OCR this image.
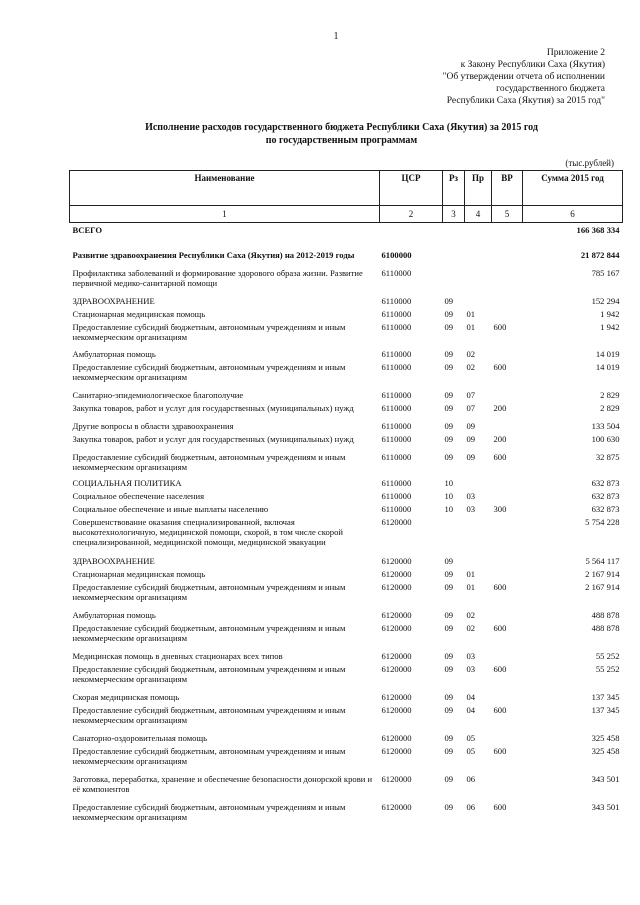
1
Приложение 2
к Закону Республики Саха (Якутия)
"Об утверждении отчета об исполнении
государственного бюджета
Республики Саха (Якутия) за 2015 год"
Исполнение расходов государственного бюджета Республики Саха (Якутия) за 2015 год
по государственным программам
(тыс.рублей)
Наименование	ЦСР	Рз	Пр	ВР	Сумма 2015 год
1	2	3	4	5	6
ВСЕГО					166 368 334
Развитие здравоохранения Республики Саха (Якутия) на 2012-2019 годы	6100000				21 872 844
Профилактика заболеваний и формирование здорового образа жизни. Развитие первичной медико-санитарной помощи	6110000				785 167
ЗДРАВООХРАНЕНИЕ	6110000	09			152 294
Стационарная медицинская помощь	6110000	09	01		1 942
Предоставление субсидий бюджетным, автономным учреждениям и иным некоммерческим организациям	6110000	09	01	600	1 942
Амбулаторная помощь	6110000	09	02		14 019
Предоставление субсидий бюджетным, автономным учреждениям и иным некоммерческим организациям	6110000	09	02	600	14 019
Санитарно-эпидемиологическое благополучие	6110000	09	07		2 829
Закупка товаров, работ и услуг для государственных (муниципальных) нужд	6110000	09	07	200	2 829
Другие вопросы в области здравоохранения	6110000	09	09		133 504
Закупка товаров, работ и услуг для государственных (муниципальных) нужд	6110000	09	09	200	100 630
Предоставление субсидий бюджетным, автономным учреждениям и иным некоммерческим организациям	6110000	09	09	600	32 875
СОЦИАЛЬНАЯ ПОЛИТИКА	6110000	10			632 873
Социальное обеспечение населения	6110000	10	03		632 873
Социальное обеспечение и иные выплаты населению	6110000	10	03	300	632 873
Совершенствование оказания специализированной, включая высокотехнологичную, медицинской помощи, скорой, в том числе скорой специализированной, медицинской помощи, медицинской эвакуации	6120000				5 754 228
ЗДРАВООХРАНЕНИЕ	6120000	09			5 564 117
Стационарная медицинская помощь	6120000	09	01		2 167 914
Предоставление субсидий бюджетным, автономным учреждениям и иным некоммерческим организациям	6120000	09	01	600	2 167 914
Амбулаторная помощь	6120000	09	02		488 878
Предоставление субсидий бюджетным, автономным учреждениям и иным некоммерческим организациям	6120000	09	02	600	488 878
Медицинская помощь в дневных стационарах всех типов	6120000	09	03		55 252
Предоставление субсидий бюджетным, автономным учреждениям и иным некоммерческим организациям	6120000	09	03	600	55 252
Скорая медицинская помощь	6120000	09	04		137 345
Предоставление субсидий бюджетным, автономным учреждениям и иным некоммерческим организациям	6120000	09	04	600	137 345
Санаторно-оздоровительная помощь	6120000	09	05		325 458
Предоставление субсидий бюджетным, автономным учреждениям и иным некоммерческим организациям	6120000	09	05	600	325 458
Заготовка, переработка, хранение и обеспечение безопасности донорской крови и её компонентов	6120000	09	06		343 501
Предоставление субсидий бюджетным, автономным учреждениям и иным некоммерческим организациям	6120000	09	06	600	343 501
